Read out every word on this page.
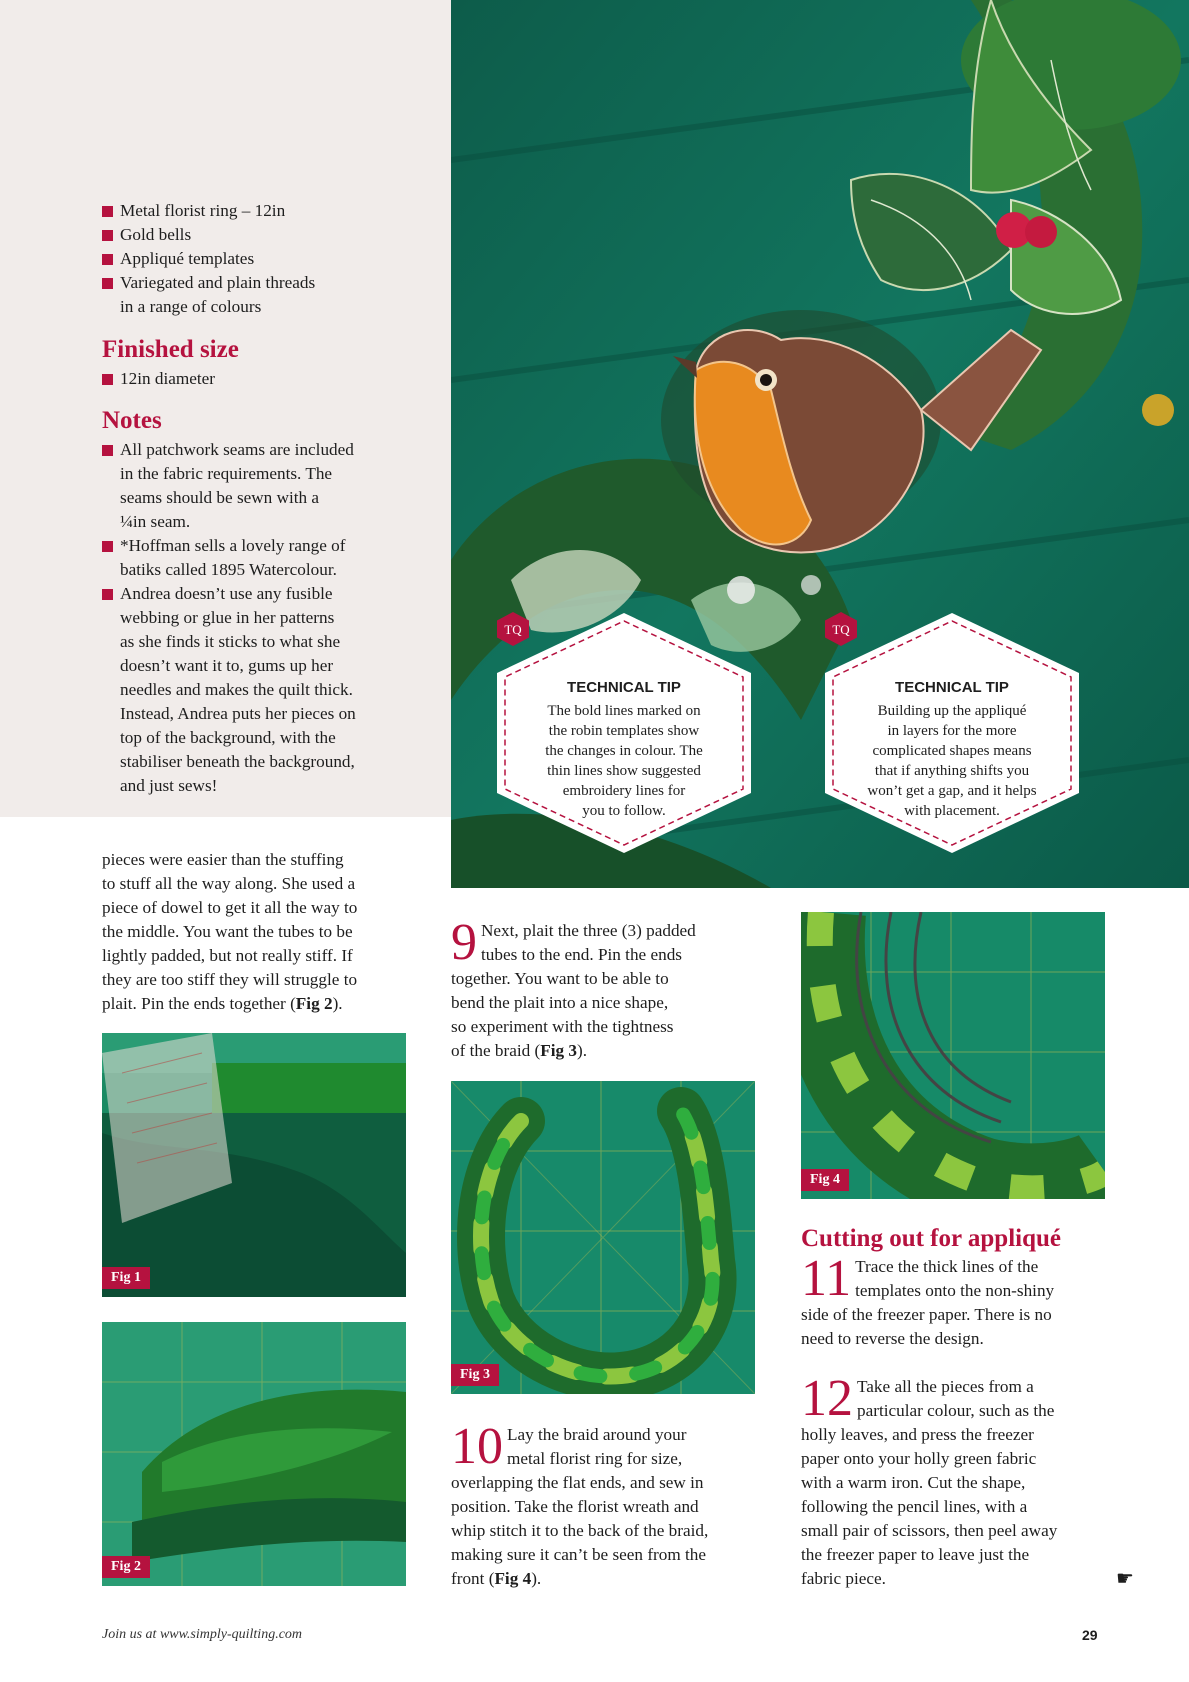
Metal florist ring – 12in
Gold bells
Appliqué templates
Variegated and plain threads
in a range of colours
Finished size
12in diameter
Notes
All patchwork seams are included
in the fabric requirements. The
seams should be sewn with a
¼in seam.
*Hoffman sells a lovely range of
batiks called 1895 Watercolour.
Andrea doesn’t use any fusible
webbing or glue in her patterns
as she finds it sticks to what she
doesn’t want it to, gums up her
needles and makes the quilt thick.
Instead, Andrea puts her pieces on
top of the background, with the
stabiliser beneath the background,
and just sews!
TQ
TECHNICAL TIP
The bold lines marked on
the robin templates show
the changes in colour. The
thin lines show suggested
embroidery lines for
you to follow.
TQ
TECHNICAL TIP
Building up the appliqué
in layers for the more
complicated shapes means
that if anything shifts you
won’t get a gap, and it helps
with placement.
pieces were easier than the stuffing
to stuff all the way along. She used a
piece of dowel to get it all the way to
the middle. You want the tubes to be
lightly padded, but not really stiff. If
they are too stiff they will struggle to
plait. Pin the ends together (Fig 2).
Fig 1
Fig 2
9 Next, plait the three (3) padded
tubes to the end. Pin the ends
together. You want to be able to
bend the plait into a nice shape,
so experiment with the tightness
of the braid (Fig 3).
Fig 3
10 Lay the braid around your
metal florist ring for size,
overlapping the flat ends, and sew in
position. Take the florist wreath and
whip stitch it to the back of the braid,
making sure it can’t be seen from the
front (Fig 4).
Fig 4
Cutting out for appliqué
11 Trace the thick lines of the
templates onto the non-shiny
side of the freezer paper. There is no
need to reverse the design.
12 Take all the pieces from a
particular colour, such as the
holly leaves, and press the freezer
paper onto your holly green fabric
with a warm iron. Cut the shape,
following the pencil lines, with a
small pair of scissors, then peel away
the freezer paper to leave just the
fabric piece.	☛
Join us at www.simply-quilting.com	29
